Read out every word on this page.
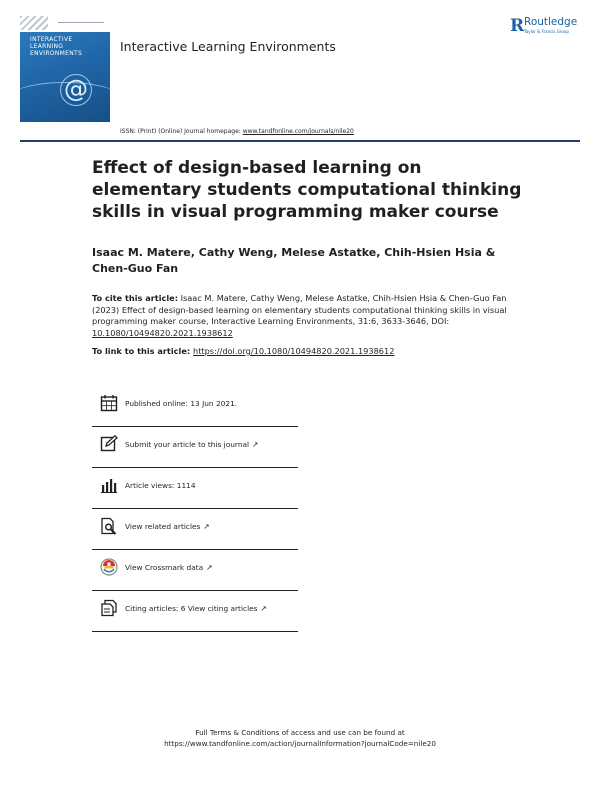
INTERACTIVE
LEARNING
ENVIRONMENTS
@
Interactive Learning Environments
R Routledge
Taylor & Francis Group
ISSN: (Print) (Online) Journal homepage: www.tandfonline.com/journals/nile20
Effect of design-based learning on elementary students computational thinking skills in visual programming maker course
Isaac M. Matere, Cathy Weng, Melese Astatke, Chih-Hsien Hsia & Chen-Guo Fan
To cite this article: Isaac M. Matere, Cathy Weng, Melese Astatke, Chih-Hsien Hsia & Chen-Guo Fan (2023) Effect of design-based learning on elementary students computational thinking skills in visual programming maker course, Interactive Learning Environments, 31:6, 3633-3646, DOI: 10.1080/10494820.2021.1938612
To link to this article: https://doi.org/10.1080/10494820.2021.1938612
Published online: 13 Jun 2021.
Submit your article to this journal ↗
Article views: 1114
View related articles ↗
View Crossmark data ↗
Citing articles: 6 View citing articles ↗
Full Terms & Conditions of access and use can be found at
https://www.tandfonline.com/action/journalInformation?journalCode=nile20
